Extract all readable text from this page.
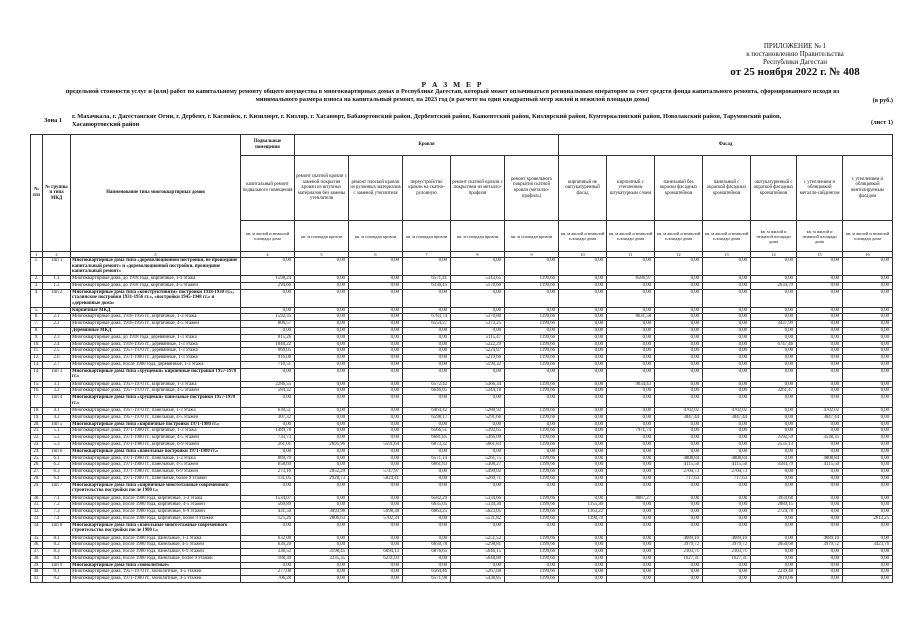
ПРИЛОЖЕНИЕ № 1
к постановлению Правительства
Республики Дагестан
от 25 ноября 2022 г. № 408
Р А З М Е Р
предельной стоимости услуг и (или) работ по капитальному ремонту общего имущества в многоквартирных домах в Республике Дагестан, который может оплачиваться региональным оператором за счет средств фонда капитального ремонта, сформированного исходя из минимального размера взноса на капитальный ремонт, на 2023 год (в расчете на один квадратный метр жилой и нежилой площади дома)	(в руб.)
Зона 1
г. Махачкала, г. Дагестанские Огни, г. Дербент, г. Каспийск, г. Кизилюрт, г. Кизляр, г. Хасавюрт, Бабаюртовский район, Дербентский район, Каякентский район, Кизлярский район, Кумторкалинский район, Новолакский район, Тарумовский район, Хасавюртовский район	(лист 1)
№ п/п	№ группы и типа МКД	Наименование типа многоквартирных домов	Подвальные помещения	Кровля					Фасад						
			капитальный ремонт подвального помещения	ремонт скатной кровли с заменой покрытия кровли из штучных материалов без замены утеплителя	ремонт плоской кровли из рулонных материалов с заменой утеплителя	переустройство кровли на скатно-рулонную	ремонт скатной кровли с покрытием из металло-профиля	ремонт кровельного покрытия скатной кровли (металло-профиль)	кирпичный не оштукатуренный фасад	кирпичный с утеплением штукатурным слоем	панельный без окраски фасадных кронштейнов	панельный с окраской фасадных кронштейнов	оштукатуренный с окраской фасадных кронштейнов	с утеплением и облицовкой металло-сайдингом	с утеплением и облицовкой вентилируемым фасадом
			кв. м жилой и нежилой площади дома	кв. м площади кровли	кв. м площади кровли	кв. м площади кровли	кв. м площади кровли	кв. м площади кровли	кв. м жилой и нежилой площади дома	кв. м жилой и нежилой площади дома	кв. м жилой и нежилой площади дома	кв. м жилой и нежилой площади дома	кв. м жилой и нежилой площади дома	кв. м жилой и нежилой площади дома	кв. м жилой и нежилой площади дома
1	2	3	4	5	6	7	8	9	10	11	12	13	14	15	16
1.	Тип 1	Многоквартирные дома типа «дореволюционной постройки, не прошедшие капитальный ремонт» и «дореволюционной постройки, прошедшие капитальный ремонт»	0,00	0,00	0,00	0,00	0,00	0,00	0,00	0,00	0,00	0,00	0,00	0,00	0,00
2.	1.1	Многоквартирные дома, до 1918 года, кирпичные, 1-3 этажа	1598,24	0,00	0,00	6571,41	5343,65	1199,66	0,00	8586,97	0,00	0,00	0,00	0,00	0,00
3.	1.2	Многоквартирные дома, до 1918 года, кирпичные, 4-5 этажей	294,66	0,00	0,00	6330,45	5170,60	1199,66	0,00	0,00	0,00	0,00	2634,79	0,00	0,00
4.	Тип 2	Многоквартирные дома типа «конструктивизм» постройки 1918-1930 гг.», сталинские постройки 1931-1956 гг.», «постройки 1945-1948 гг.» и «деревянные дома»	0,00	0,00	0,00	0,00	0,00	0,00	0,00	0,00	0,00	0,00	0,00	0,00	0,00
5.		Кирпичные МКД	0,00	0,00	0,00	0,00	0,00	0,00	0,00	0,00	0,00	0,00	0,00	0,00	0,00
6.	2.1	Многоквартирные дома, 1918-1956 гг., кирпичные, 1-3 этажа	1592,35	0,00	0,00	6783,74	5370,80	1199,66	0,00	8631,58	0,00	0,00	0,00	0,00	0,00
7.	2.2	Многоквартирные дома, 1918-1956 гг., кирпичные, 4-5 этажей	806,57	0,00	0,00	6554,27	5373,25	1199,66	0,00	0,00	0,00	0,00	3437,99	0,00	0,00
8.		Деревянные МКД	0,00	0,00	0,00	0,00	0,00	0,00	0,00	0,00	0,00	0,00	0,00	0,00	0,00
9.	2.3	Многоквартирные дома, до 1918 года, деревянные, 1-3 этажа	815,26	0,00	0,00	0,00	5115,47	1199,66	0,00	0,00	0,00	0,00	0,00	0,00	0,00
10.	2.4	Многоквартирные дома, 1918-1956 гг., деревянные, 1-3 этажа	1840,22	0,00	0,00	0,00	5222,29	1199,66	0,00	0,00	0,00	0,00	6747,46	0,00	0,00
11.	2.5	Многоквартирные дома, 1957-1970 гг., деревянные, 1-3 этажа	969,05	0,00	0,00	0,00	5224,87	1199,66	0,00	0,00	0,00	0,00	0,00	0,00	0,00
12.	2.6	Многоквартирные дома, 1971-1980 гг., деревянные, 1-3 этажа	916,08	0,00	0,00	0,00	5219,66	1199,66	0,00	0,00	0,00	0,00	0,00	0,00	0,00
13.	2.7	Многоквартирные дома, после 1980 года, деревянные, 1-3 этажа	710,51	0,00	0,00	0,00	5199,32	1199,66	0,00	0,00	0,00	0,00	0,00	0,00	0,00
14.	Тип 3	Многоквартирные дома типа «хрущевки» кирпичные постройки 1957-1970 гг.»	0,00	0,00	0,00	0,00	0,00	0,00	0,00	0,00	0,00	0,00	0,00	0,00	0,00
15.	3.1	Многоквартирные дома, 1957-1970 гг., кирпичные, 1-3 этажа	2286,55	0,00	0,00	6572,42	5366,34	1199,66	0,00	9034,43	0,00	0,00	0,00	0,00	0,00
16.	3.2	Многоквартирные дома, 1957-1970 гг., кирпичные, 4-5 этажей	584,32	0,00	0,00	6646,05	5344,18	1199,66	0,00	0,00	0,00	0,00	3261,47	0,00	0,00
17.	Тип 4	Многоквартирные дома типа «хрущевки» панельные постройки 1957-1970 гг.»	0,00	0,00	0,00	0,00	0,00	0,00	0,00	0,00	0,00	0,00	0,00	0,00	0,00
18.	4.1	Многоквартирные дома, 1957-1970 гг., панельные, 1-3 этажа	630,51	0,00	0,00	6464,42	5280,92	1199,66	0,00	0,00	4702,02	4702,02	0,00	4702,02	0,00
19.	4.2	Многоквартирные дома, 1957-1970 гг., панельные, 4-5 этажей	307,32	0,00	0,00	6598,17	5291,66	1199,66	0,00	0,00	3847,44	3847,44	0,00	3847,44	0,00
20.	Тип 5	Многоквартирные дома типа «кирпичные постройки 1971-1980 гг.»	0,00	0,00	0,00	0,00	0,00	0,00	0,00	0,00	0,00	0,00	0,00	0,00	0,00
21.	5.1	Многоквартирные дома, 1971-1980 гг., кирпичные, 1-3 этажа	1489,78	0,00	0,00	6566,51	5392,65	1199,66	0,00	7971,74	0,00	0,00	0,00	0,00	0,00
22.	5.2	Многоквартирные дома, 1971-1980 гг., кирпичные, 4-5 этажей	733,73	0,00	0,00	6681,85	5366,09	1199,66	0,00	0,00	0,00	0,00	2592,59	3538,35	0,00
23.	5.3	Многоквартирные дома, 1971-1980 гг., кирпичные, 6-9 этажей	261,01	2695,96	5591,64	6873,32	5661,83	1199,66	0,00	0,00	0,00	0,00	2535,13	0,00	0,00
24.	Тип 6	Многоквартирные дома типа «панельные постройки 1971-1980 гг.»	0,00	0,00	0,00	0,00	0,00	0,00	0,00	0,00	0,00	0,00	0,00	0,00	0,00
25.	6.1	Многоквартирные дома, 1971-1980 гг., панельные, 1-3 этажа	889,79	0,00	0,00	6571,14	5261,75	1199,66	0,00	0,00	4808,84	4808,84	0,00	4808,84	0,00
26.	6.2	Многоквартирные дома, 1971-1980 гг., панельные, 4-5 этажей	658,69	0,00	0,00	6661,83	5308,27	1199,66	0,00	0,00	4115,50	4115,50	3584,79	4115,50	0,00
27.	6.3	Многоквартирные дома, 1971-1980 гг., панельные, 6-9 этажей	273,16	2852,29	5747,97	0,00	5499,02	1199,66	0,00	0,00	2704,73	2704,73	0,00	0,00	0,00
28.	6.4	Многоквартирные дома, 1971-1980 гг., панельные, более 9 этажей	131,05	2928,73	5824,41	0,00	5269,71	1199,66	0,00	0,00	717,63	717,63	0,00	0,00	0,00
29.	Тип 7	Многоквартирные дома типа «кирпичные многоэтажные современного строительства постройки после 1980 г.»	0,00	0,00	0,00	0,00	0,00	0,00	0,00	0,00	0,00	0,00	0,00	0,00	0,00
30.	7.1	Многоквартирные дома, после 1980 года, кирпичные, 1-3 этажа	1534,07	0,00	0,00	6582,29	5334,66	1199,66	0,00	8087,27	0,00	0,00	3959,68	0,00	0,00
31.	7.2	Многоквартирные дома, после 1980 года, кирпичные, 4-5 этажей	569,89	0,00	0,00	6635,05	5339,30	1199,66	1155,30	0,00	0,00	0,00	2889,15	0,00	0,00
32.	7.3	Многоквартирные дома, после 1980 года, кирпичные, 6-9 этажей	431,50	3093,96	5998,38	6863,25	5623,05	1199,66	1163,22	0,00	0,00	0,00	2724,78	0,00	0,00
33.	7.4	Многоквартирные дома, после 1980 года, кирпичные, более 9 этажей	125,26	2806,63	5702,34	0,00	5531,82	1199,66	1190,70	0,00	0,00	0,00	0,00	0,00	2613,25
34.	Тип 8	Многоквартирные дома типа «панельные многоэтажные современного строительства постройки после 1980 г.»	0,00	0,00	0,00	0,00	0,00	0,00	0,00	0,00	0,00	0,00	0,00	0,00	0,00
35.	8.1	Многоквартирные дома, после 1980 года, панельные, 1-3 этажа	632,08	0,00	0,00	0,00	5251,52	1199,66	0,00	0,00	4689,10	4689,10	0,00	4689,10	0,00
36.	8.2	Многоквартирные дома, после 1980 года, панельные, 4-5 этажей	630,20	0,00	0,00	6650,78	5298,81	1199,66	0,00	0,00	3979,72	3979,72	2850,68	3979,72	3423,76
37.	8.3	Многоквартирные дома, после 1980 года, панельные, 6-9 этажей	336,52	3198,45	6094,13	6876,65	5646,15	1199,66	0,00	0,00	2103,71	2103,71	0,00	0,00	0,00
38.	8.4	Многоквартирные дома, после 1980 года, панельные, более 9 этажей	188,30	3335,35	6231,03	0,00	5648,80	1199,66	0,00	0,00	1627,31	1627,31	0,00	0,00	0,00
39.	Тип 9	Многоквартирные дома типа «монолитные»	0,00	0,00	0,00	0,00	0,00	0,00	0,00	0,00	0,00	0,00	0,00	0,00	0,00
40.	9.1	Многоквартирные дома, 1957-1970 гг., монолитные, 4-5 этажей	277,08	0,00	0,00	6564,46	5267,68	1199,66	0,00	0,00	0,00	0,00	2239,48	0,00	0,00
41.	9.2	Многоквартирные дома, 1971-1980 гг., монолитные, 4-5 этажей	706,28	0,00	0,00	6571,98	5438,85	1199,66	0,00	0,00	0,00	0,00	2819,06	0,00	0,00
